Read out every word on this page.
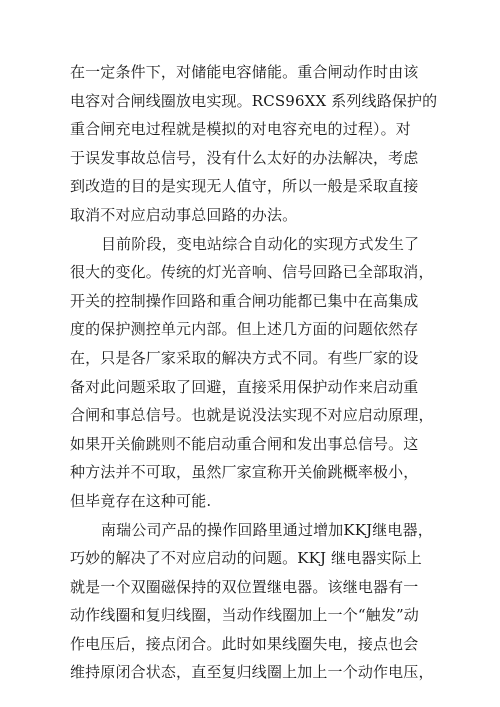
在一定条件下，对储能电容储能。重合闸动作时由该
电容对合闸线圈放电实现。RCS96XX 系列线路保护的
重合闸充电过程就是模拟的对电容充电的过程）。对
于误发事故总信号，没有什么太好的办法解决，考虑
到改造的目的是实现无人值守，所以一般是采取直接
取消不对应启动事总回路的办法。
目前阶段，变电站综合自动化的实现方式发生了
很大的变化。传统的灯光音响、信号回路已全部取消，
开关的控制操作回路和重合闸功能都已集中在高集成
度的保护测控单元内部。但上述几方面的问题依然存
在，只是各厂家采取的解决方式不同。有些厂家的设
备对此问题采取了回避，直接采用保护动作来启动重
合闸和事总信号。也就是说没法实现不对应启动原理，
如果开关偷跳则不能启动重合闸和发出事总信号。这
种方法并不可取，虽然厂家宣称开关偷跳概率极小，
但毕竟存在这种可能.
南瑞公司产品的操作回路里通过增加KKJ继电器，
巧妙的解决了不对应启动的问题。KKJ 继电器实际上
就是一个双圈磁保持的双位置继电器。该继电器有一
动作线圈和复归线圈，当动作线圈加上一个“触发”动
作电压后，接点闭合。此时如果线圈失电，接点也会
维持原闭合状态，直至复归线圈上加上一个动作电压，
